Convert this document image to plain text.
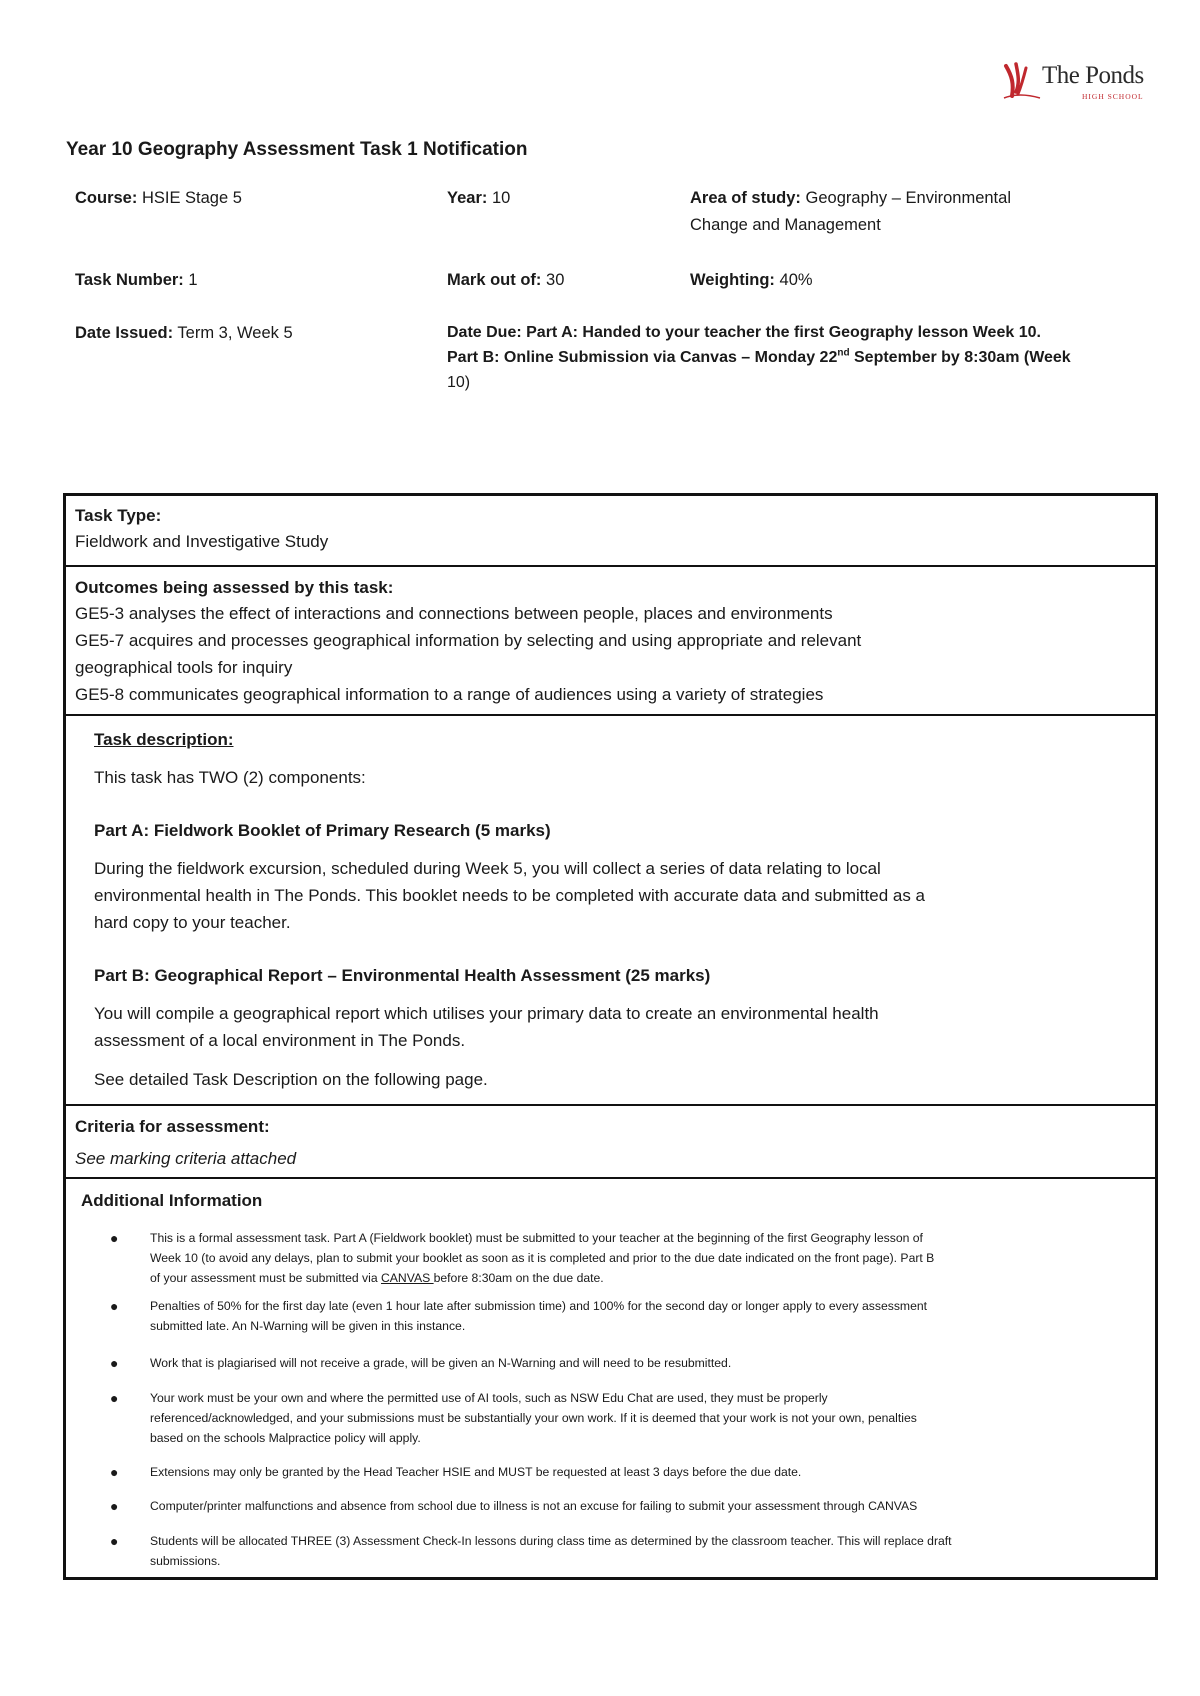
The Ponds
HIGH SCHOOL
Year 10 Geography Assessment Task 1 Notification
Course: HSIE Stage 5	Year: 10	Area of study: Geography – Environmental
Change and Management
Task Number: 1	Mark out of: 30	Weighting: 40%
Date Issued: Term 3, Week 5	Date Due: Part A: Handed to your teacher the first Geography lesson Week 10.
Part B: Online Submission via Canvas – Monday 22nd September by 8:30am (Week
10)
Task Type:
Fieldwork and Investigative Study
Outcomes being assessed by this task:
GE5-3 analyses the effect of interactions and connections between people, places and environments
GE5-7 acquires and processes geographical information by selecting and using appropriate and relevant
geographical tools for inquiry
GE5-8 communicates geographical information to a range of audiences using a variety of strategies
Task description:
This task has TWO (2) components:
Part A: Fieldwork Booklet of Primary Research (5 marks)
During the fieldwork excursion, scheduled during Week 5, you will collect a series of data relating to local
environmental health in The Ponds. This booklet needs to be completed with accurate data and submitted as a
hard copy to your teacher.
Part B: Geographical Report – Environmental Health Assessment (25 marks)
You will compile a geographical report which utilises your primary data to create an environmental health
assessment of a local environment in The Ponds.
See detailed Task Description on the following page.
Criteria for assessment:
See marking criteria attached
Additional Information
●	This is a formal assessment task. Part A (Fieldwork booklet) must be submitted to your teacher at the beginning of the first Geography lesson of
Week 10 (to avoid any delays, plan to submit your booklet as soon as it is completed and prior to the due date indicated on the front page). Part B
of your assessment must be submitted via CANVAS before 8:30am on the due date.
●	Penalties of 50% for the first day late (even 1 hour late after submission time) and 100% for the second day or longer apply to every assessment
submitted late. An N-Warning will be given in this instance.
●	Work that is plagiarised will not receive a grade, will be given an N-Warning and will need to be resubmitted.
●	Your work must be your own and where the permitted use of AI tools, such as NSW Edu Chat are used, they must be properly
referenced/acknowledged, and your submissions must be substantially your own work. If it is deemed that your work is not your own, penalties
based on the schools Malpractice policy will apply.
●	Extensions may only be granted by the Head Teacher HSIE and MUST be requested at least 3 days before the due date.
●	Computer/printer malfunctions and absence from school due to illness is not an excuse for failing to submit your assessment through CANVAS
●	Students will be allocated THREE (3) Assessment Check-In lessons during class time as determined by the classroom teacher. This will replace draft
submissions.
